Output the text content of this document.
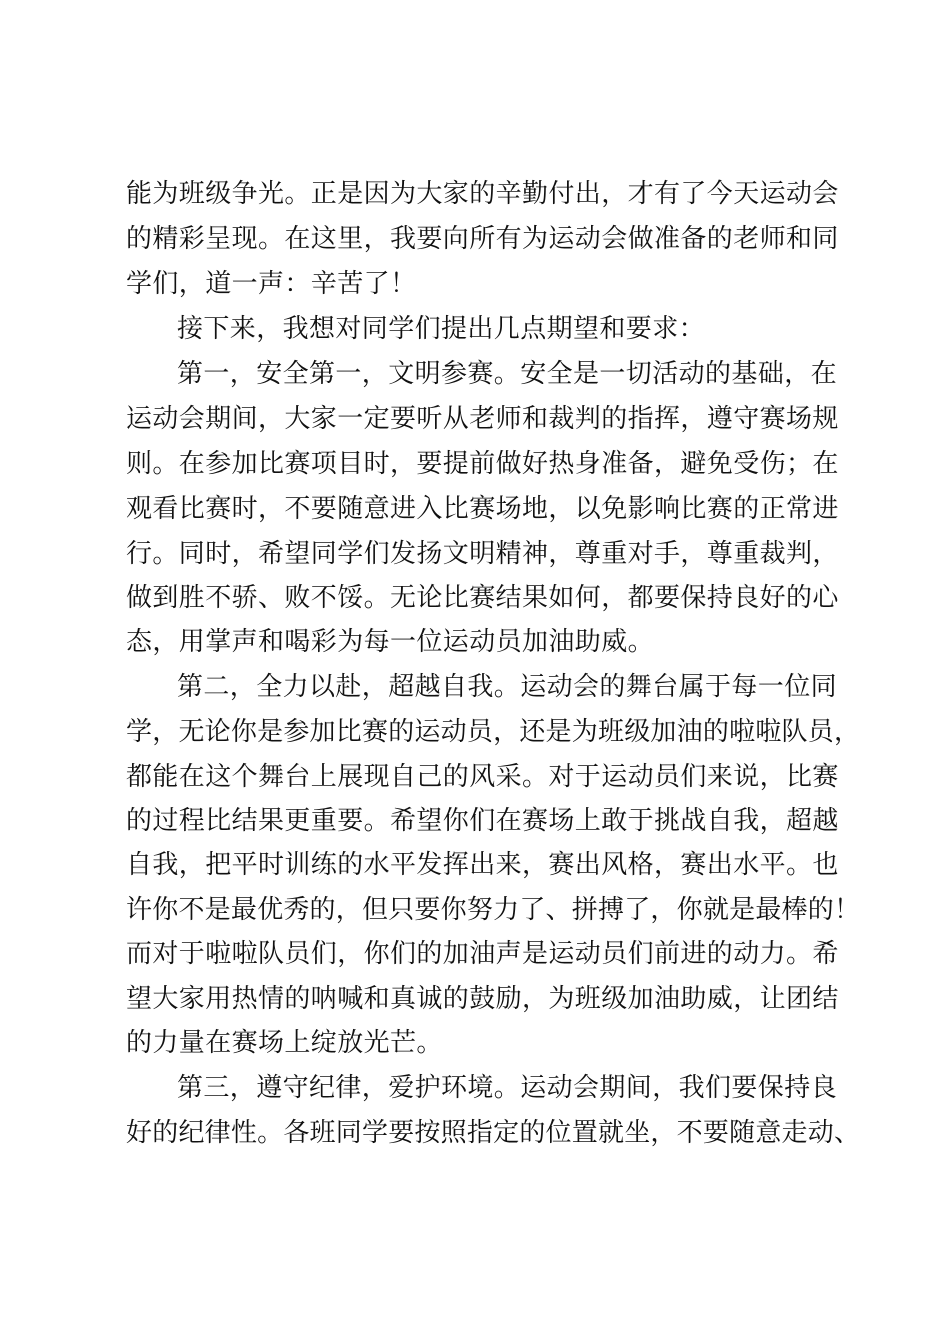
能为班级争光。正是因为大家的辛勤付出，才有了今天运动会
的精彩呈现。在这里，我要向所有为运动会做准备的老师和同
学们，道一声：辛苦了！
接下来，我想对同学们提出几点期望和要求：
第一，安全第一，文明参赛。安全是一切活动的基础，在
运动会期间，大家一定要听从老师和裁判的指挥，遵守赛场规
则。在参加比赛项目时，要提前做好热身准备，避免受伤；在
观看比赛时，不要随意进入比赛场地，以免影响比赛的正常进
行。同时，希望同学们发扬文明精神，尊重对手，尊重裁判，
做到胜不骄、败不馁。无论比赛结果如何，都要保持良好的心
态，用掌声和喝彩为每一位运动员加油助威。
第二，全力以赴，超越自我。运动会的舞台属于每一位同
学，无论你是参加比赛的运动员，还是为班级加油的啦啦队员，
都能在这个舞台上展现自己的风采。对于运动员们来说，比赛
的过程比结果更重要。希望你们在赛场上敢于挑战自我，超越
自我，把平时训练的水平发挥出来，赛出风格，赛出水平。也
许你不是最优秀的，但只要你努力了、拼搏了，你就是最棒的！
而对于啦啦队员们，你们的加油声是运动员们前进的动力。希
望大家用热情的呐喊和真诚的鼓励，为班级加油助威，让团结
的力量在赛场上绽放光芒。
第三，遵守纪律，爱护环境。运动会期间，我们要保持良
好的纪律性。各班同学要按照指定的位置就坐，不要随意走动、
